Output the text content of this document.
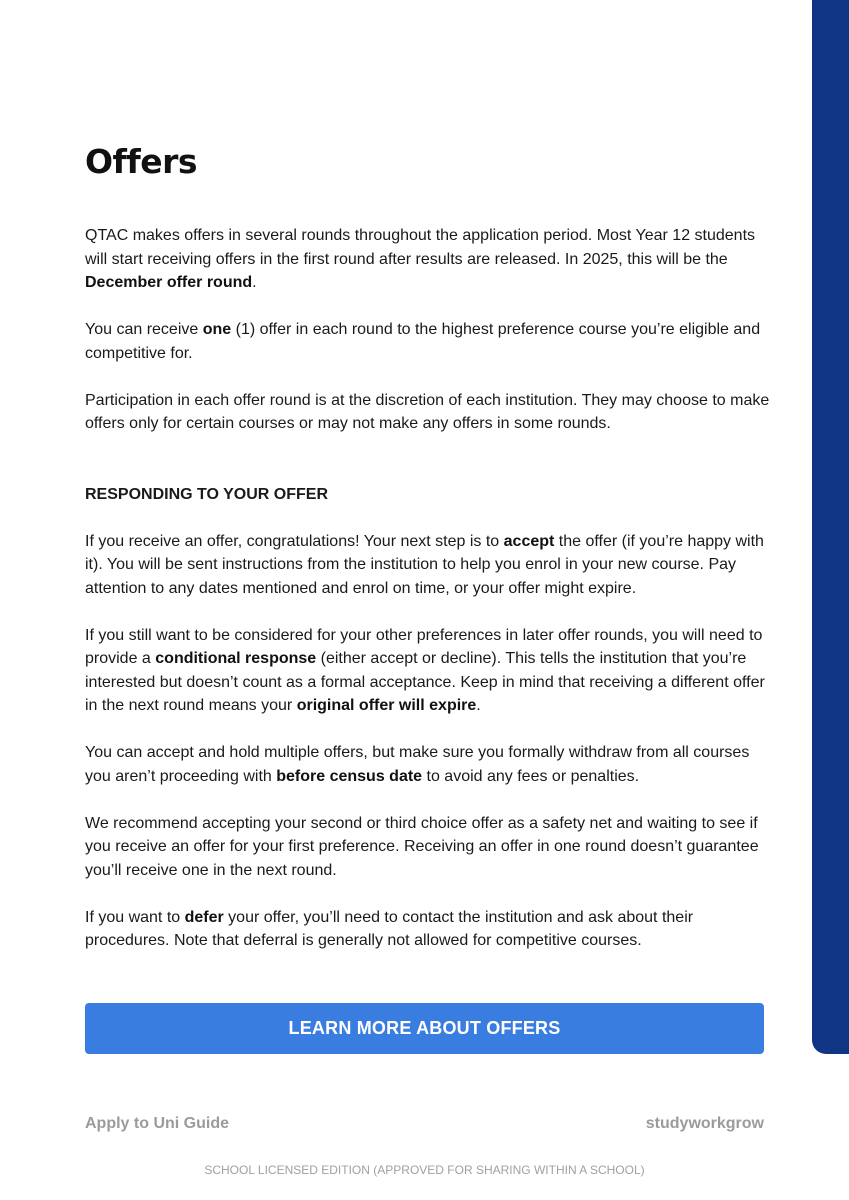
Offers

QTAC makes offers in several rounds throughout the application period. Most Year 12 students will start receiving offers in the first round after results are released. In 2025, this will be the December offer round.

You can receive one (1) offer in each round to the highest preference course you’re eligible and competitive for.

Participation in each offer round is at the discretion of each institution. They may choose to make offers only for certain courses or may not make any offers in some rounds.

RESPONDING TO YOUR OFFER

If you receive an offer, congratulations! Your next step is to accept the offer (if you’re happy with it). You will be sent instructions from the institution to help you enrol in your new course. Pay attention to any dates mentioned and enrol on time, or your offer might expire.

If you still want to be considered for your other preferences in later offer rounds, you will need to provide a conditional response (either accept or decline). This tells the institution that you’re interested but doesn’t count as a formal acceptance. Keep in mind that receiving a different offer in the next round means your original offer will expire.

You can accept and hold multiple offers, but make sure you formally withdraw from all courses you aren’t proceeding with before census date to avoid any fees or penalties.

We recommend accepting your second or third choice offer as a safety net and waiting to see if you receive an offer for your first preference. Receiving an offer in one round doesn’t guarantee you’ll receive one in the next round.

If you want to defer your offer, you’ll need to contact the institution and ask about their procedures. Note that deferral is generally not allowed for competitive courses.

LEARN MORE ABOUT OFFERS
Apply to Uni Guide	studyworkgrow
SCHOOL LICENSED EDITION (APPROVED FOR SHARING WITHIN A SCHOOL)
